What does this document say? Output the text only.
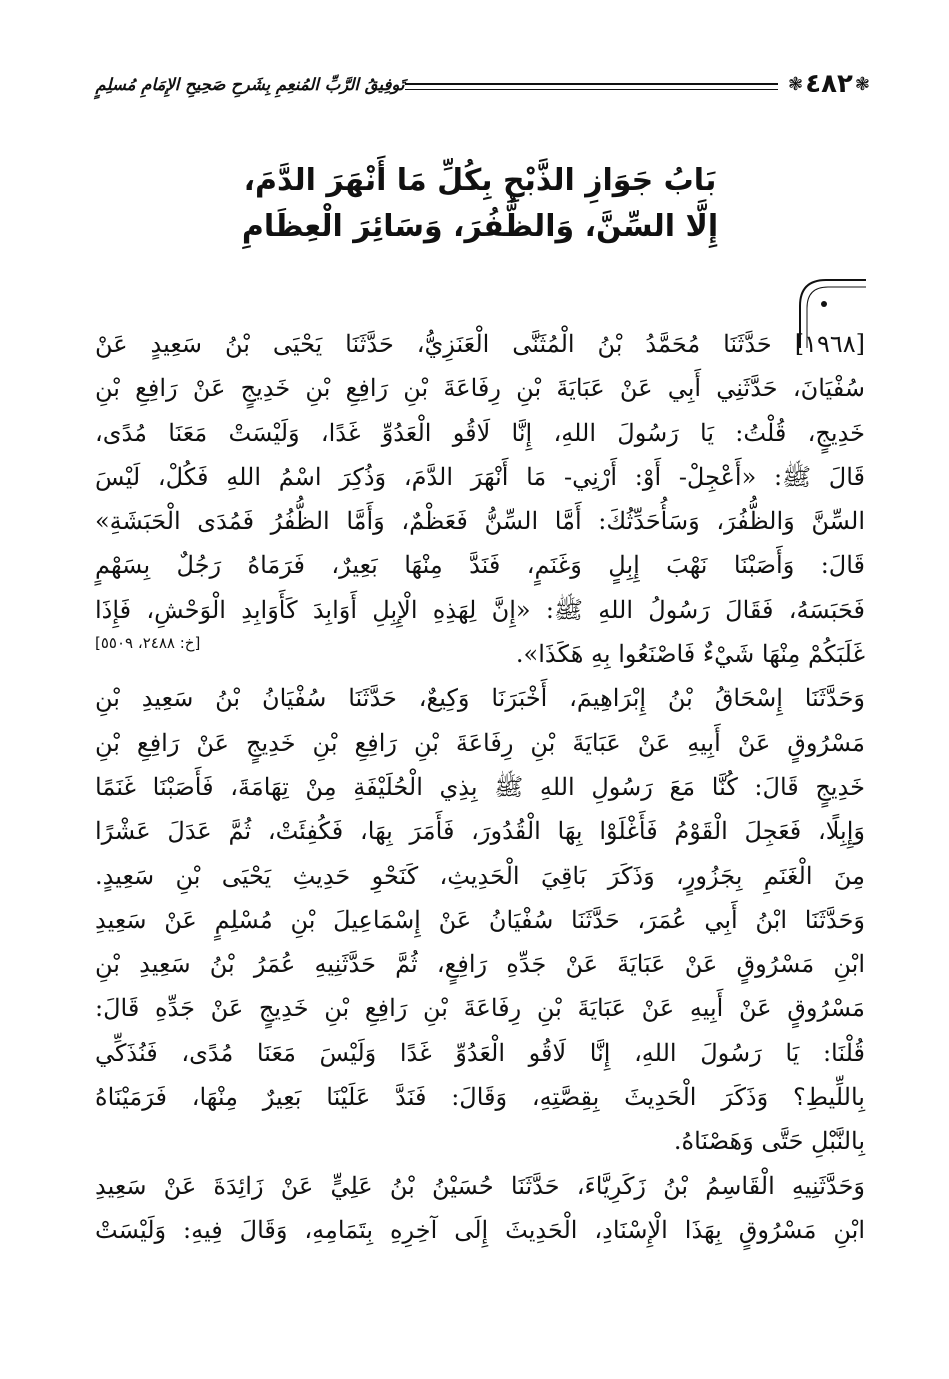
❃
٤٨٢
❃
تَوفِيقُ الرَّبِّ المُنعِمِ بِشَرحِ صَحِيحِ الإِمَامِ مُسلِمٍ
بَابُ جَوَازِ الذَّبْحِ بِكُلِّ مَا أَنْهَرَ الدَّمَ،
إِلَّا السِّنَّ، وَالظُّفُرَ، وَسَائِرَ الْعِظَامِ
[١٩٦٨] حَدَّثَنَا مُحَمَّدُ بْنُ الْمُثَنَّى الْعَنَزِيُّ، حَدَّثَنَا يَحْيَى بْنُ سَعِيدٍ عَنْ
سُفْيَانَ، حَدَّثَنِي أَبِي عَنْ عَبَايَةَ بْنِ رِفَاعَةَ بْنِ رَافِعِ بْنِ خَدِيجٍ عَنْ رَافِعِ بْنِ
خَدِيجٍ، قُلْتُ: يَا رَسُولَ اللهِ، إِنَّا لَاقُو الْعَدُوِّ غَدًا، وَلَيْسَتْ مَعَنَا مُدًى،
قَالَ ﷺ: «أَعْجِلْ- أَوْ: أَرْنِي- مَا أَنْهَرَ الدَّمَ، وَذُكِرَ اسْمُ اللهِ فَكُلْ، لَيْسَ
السِّنَّ وَالظُّفُرَ، وَسَأُحَدِّثُكَ: أَمَّا السِّنُّ فَعَظْمٌ، وَأَمَّا الظُّفُرُ فَمُدَى الْحَبَشَةِ»
قَالَ: وَأَصَبْنَا نَهْبَ إِبِلٍ وَغَنَمٍ، فَنَدَّ مِنْهَا بَعِيرٌ، فَرَمَاهُ رَجُلٌ بِسَهْمٍ
فَحَبَسَهُ، فَقَالَ رَسُولُ اللهِ ﷺ: «إِنَّ لِهَذِهِ الْإِبِلِ أَوَابِدَ كَأَوَابِدِ الْوَحْشِ، فَإِذَا
غَلَبَكُمْ مِنْهَا شَيْءٌ فَاصْنَعُوا بِهِ هَكَذَا».
[خ: ٢٤٨٨، ٥٥٠٩]
وَحَدَّثَنَا إِسْحَاقُ بْنُ إِبْرَاهِيمَ، أَخْبَرَنَا وَكِيعٌ، حَدَّثَنَا سُفْيَانُ بْنُ سَعِيدِ بْنِ
مَسْرُوقٍ عَنْ أَبِيهِ عَنْ عَبَايَةَ بْنِ رِفَاعَةَ بْنِ رَافِعِ بْنِ خَدِيجٍ عَنْ رَافِعِ بْنِ
خَدِيجٍ قَالَ: كُنَّا مَعَ رَسُولِ اللهِ ﷺ بِذِي الْحُلَيْفَةِ مِنْ تِهَامَةَ، فَأَصَبْنَا غَنَمًا
وَإِبِلًا، فَعَجِلَ الْقَوْمُ فَأَغْلَوْا بِهَا الْقُدُورَ، فَأَمَرَ بِهَا، فَكُفِئَتْ، ثُمَّ عَدَلَ عَشْرًا
مِنَ الْغَنَمِ بِجَزُورٍ، وَذَكَرَ بَاقِيَ الْحَدِيثِ، كَنَحْوِ حَدِيثِ يَحْيَى بْنِ سَعِيدٍ.
وَحَدَّثَنَا ابْنُ أَبِي عُمَرَ، حَدَّثَنَا سُفْيَانُ عَنْ إِسْمَاعِيلَ بْنِ مُسْلِمٍ عَنْ سَعِيدِ
ابْنِ مَسْرُوقٍ عَنْ عَبَايَةَ عَنْ جَدِّهِ رَافِعٍ، ثُمَّ حَدَّثَنِيهِ عُمَرُ بْنُ سَعِيدِ بْنِ
مَسْرُوقٍ عَنْ أَبِيهِ عَنْ عَبَايَةَ بْنِ رِفَاعَةَ بْنِ رَافِعِ بْنِ خَدِيجٍ عَنْ جَدِّهِ قَالَ:
قُلْنَا: يَا رَسُولَ اللهِ، إِنَّا لَاقُو الْعَدُوِّ غَدًا وَلَيْسَ مَعَنَا مُدًى، فَنُذَكِّي
بِاللِّيطِ؟ وَذَكَرَ الْحَدِيثَ بِقِصَّتِهِ، وَقَالَ: فَنَدَّ عَلَيْنَا بَعِيرٌ مِنْهَا، فَرَمَيْنَاهُ
بِالنَّبْلِ حَتَّى وَهَصْنَاهُ.
وَحَدَّثَنِيهِ الْقَاسِمُ بْنُ زَكَرِيَّاءَ، حَدَّثَنَا حُسَيْنُ بْنُ عَلِيٍّ عَنْ زَائِدَةَ عَنْ سَعِيدِ
ابْنِ مَسْرُوقٍ بِهَذَا الْإِسْنَادِ، الْحَدِيثَ إِلَى آخِرِهِ بِتَمَامِهِ، وَقَالَ فِيهِ: وَلَيْسَتْ
